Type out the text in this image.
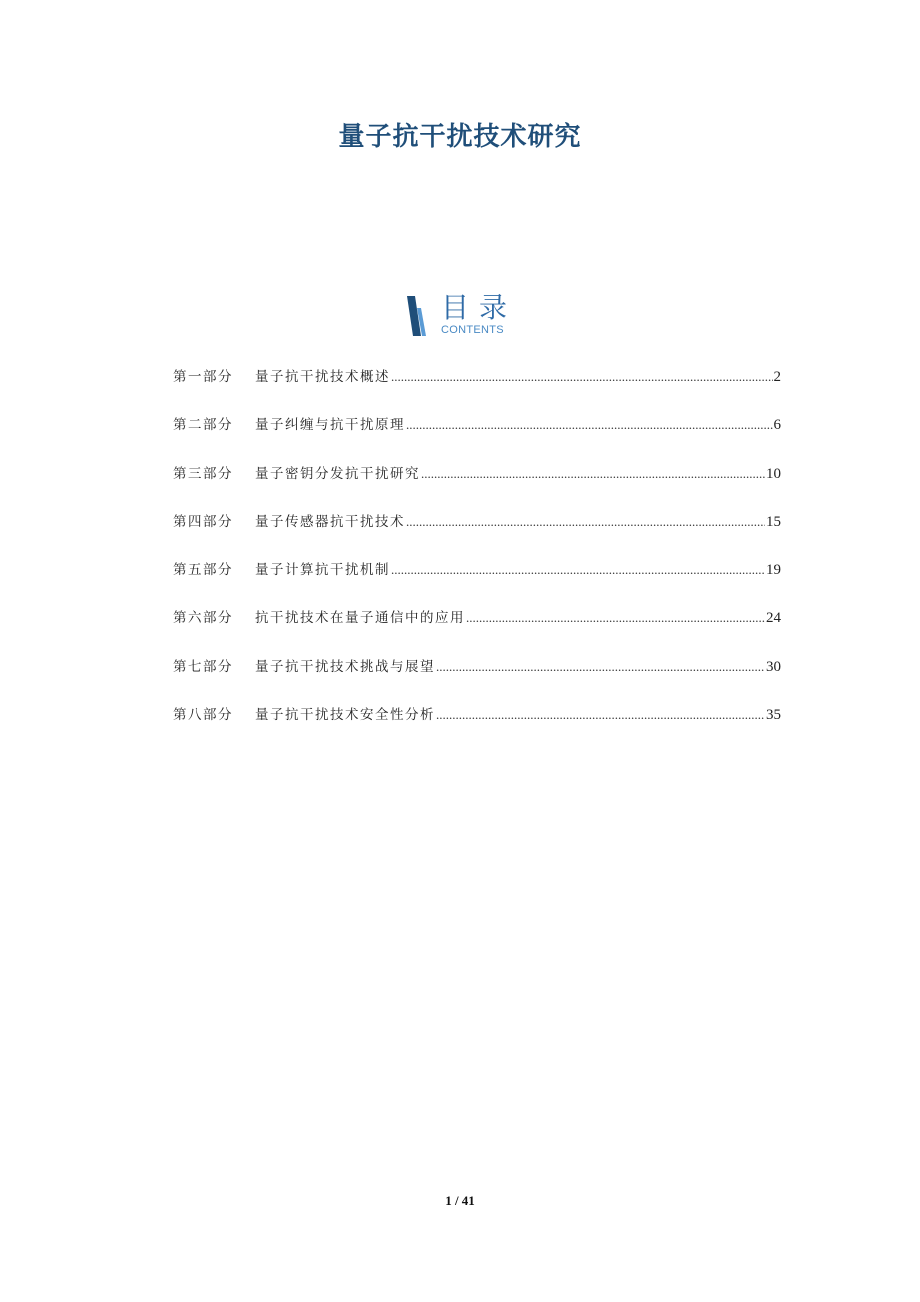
量子抗干扰技术研究
目录
CONTENTS
第一部分	量子抗干扰技术概述 .....	2
第二部分	量子纠缠与抗干扰原理 .....	6
第三部分	量子密钥分发抗干扰研究 .....	10
第四部分	量子传感器抗干扰技术 .....	15
第五部分	量子计算抗干扰机制 .....	19
第六部分	抗干扰技术在量子通信中的应用 .....	24
第七部分	量子抗干扰技术挑战与展望 .....	30
第八部分	量子抗干扰技术安全性分析 .....	35
1 / 41
